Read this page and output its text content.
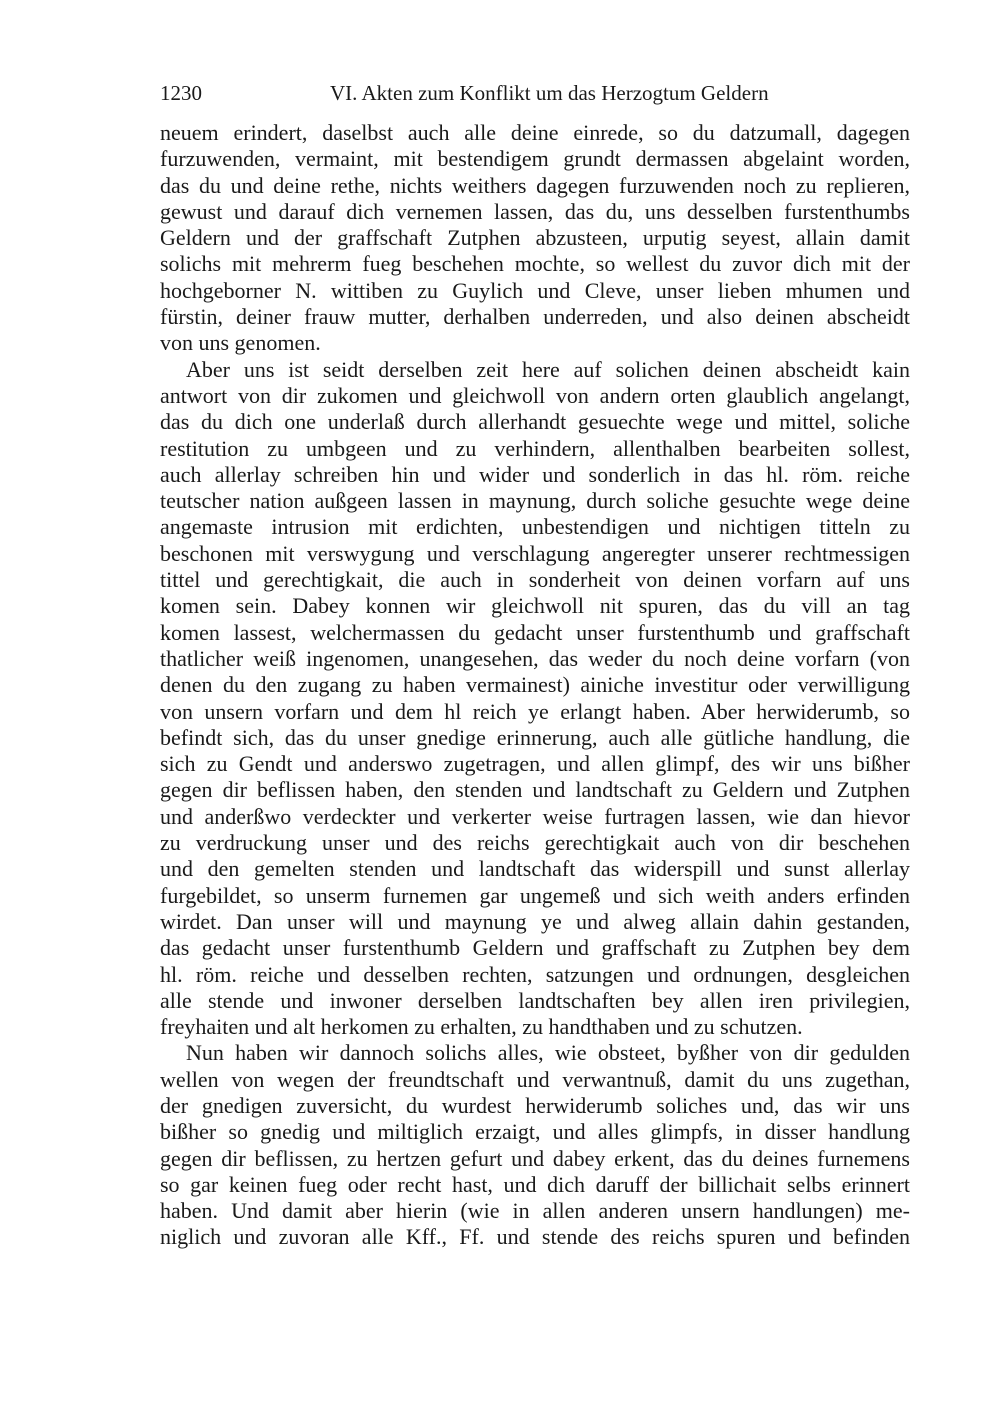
1230	VI. Akten zum Konflikt um das Herzogtum Geldern
neuem erindert, daselbst auch alle deine einrede, so du datzumall, dagegen
furzuwenden, vermaint, mit bestendigem grundt dermassen abgelaint worden,
das du und deine rethe, nichts weithers dagegen furzuwenden noch zu replieren,
gewust und darauf dich vernemen lassen, das du, uns desselben furstenthumbs
Geldern und der graffschaft Zutphen abzusteen, urputig seyest, allain damit
solichs mit mehrerm fueg beschehen mochte, so wellest du zuvor dich mit der
hochgeborner N. wittiben zu Guylich und Cleve, unser lieben mhumen und
fürstin, deiner frauw mutter, derhalben underreden, und also deinen abscheidt
von uns genomen.
Aber uns ist seidt derselben zeit here auf solichen deinen abscheidt kain
antwort von dir zukomen und gleichwoll von andern orten glaublich angelangt,
das du dich one underlaß durch allerhandt gesuechte wege und mittel, soliche
restitution zu umbgeen und zu verhindern, allenthalben bearbeiten sollest,
auch allerlay schreiben hin und wider und sonderlich in das hl. röm. reiche
teutscher nation außgeen lassen in maynung, durch soliche gesuchte wege deine
angemaste intrusion mit erdichten, unbestendigen und nichtigen titteln zu
beschonen mit verswygung und verschlagung angeregter unserer rechtmessigen
tittel und gerechtigkait, die auch in sonderheit von deinen vorfarn auf uns
komen sein. Dabey konnen wir gleichwoll nit spuren, das du vill an tag
komen lassest, welchermassen du gedacht unser furstenthumb und graffschaft
thatlicher weiß ingenomen, unangesehen, das weder du noch deine vorfarn (von
denen du den zugang zu haben vermainest) ainiche investitur oder verwilligung
von unsern vorfarn und dem hl reich ye erlangt haben. Aber herwiderumb, so
befindt sich, das du unser gnedige erinnerung, auch alle gütliche handlung, die
sich zu Gendt und anderswo zugetragen, und allen glimpf, des wir uns bißher
gegen dir beflissen haben, den stenden und landtschaft zu Geldern und Zutphen
und anderßwo verdeckter und verkerter weise furtragen lassen, wie dan hievor
zu verdruckung unser und des reichs gerechtigkait auch von dir beschehen
und den gemelten stenden und landtschaft das widerspill und sunst allerlay
furgebildet, so unserm furnemen gar ungemeß und sich weith anders erfinden
wirdet. Dan unser will und maynung ye und alweg allain dahin gestanden,
das gedacht unser furstenthumb Geldern und graffschaft zu Zutphen bey dem
hl. röm. reiche und desselben rechten, satzungen und ordnungen, desgleichen
alle stende und inwoner derselben landtschaften bey allen iren privilegien,
freyhaiten und alt herkomen zu erhalten, zu handthaben und zu schutzen.
Nun haben wir dannoch solichs alles, wie obsteet, byßher von dir gedulden
wellen von wegen der freundtschaft und verwantnuß, damit du uns zugethan,
der gnedigen zuversicht, du wurdest herwiderumb soliches und, das wir uns
bißher so gnedig und miltiglich erzaigt, und alles glimpfs, in disser handlung
gegen dir beflissen, zu hertzen gefurt und dabey erkent, das du deines furnemens
so gar keinen fueg oder recht hast, und dich daruff der billichait selbs erinnert
haben. Und damit aber hierin (wie in allen anderen unsern handlungen) me-
niglich und zuvoran alle Kff., Ff. und stende des reichs spuren und befinden
